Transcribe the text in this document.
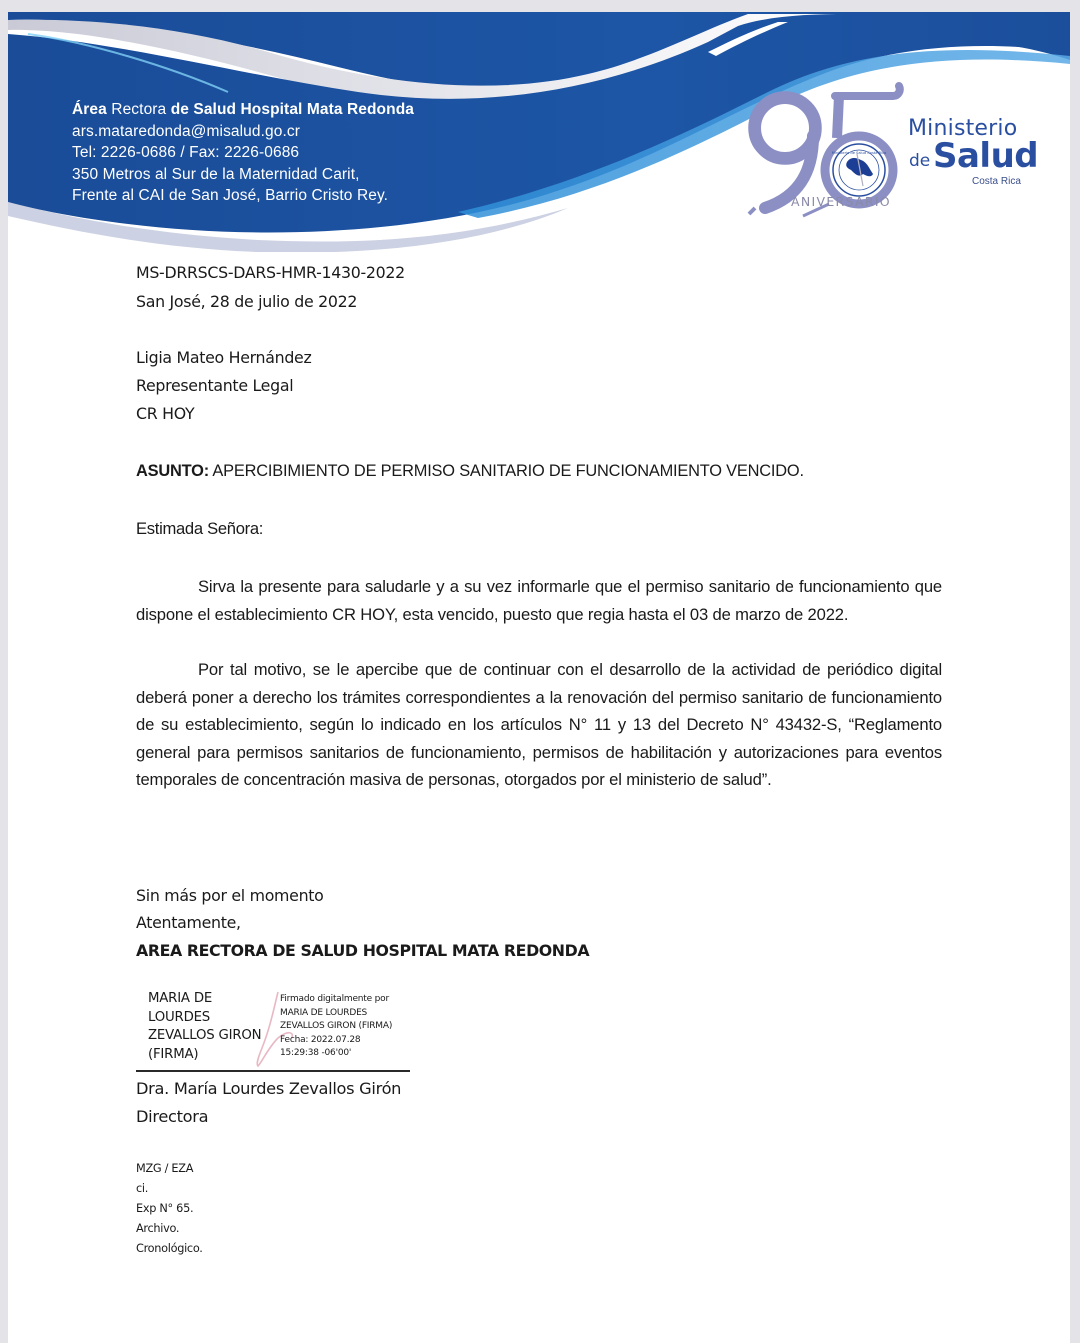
Área Rectora de Salud Hospital Mata Redonda
ars.mataredonda@misalud.go.cr
Tel: 2226-0686 / Fax: 2226-0686
350 Metros al Sur de la Maternidad Carit,
Frente al CAI de San José, Barrio Cristo Rey.
Ministerio de Salud Costa Rica
ANIVERSARIO
Ministerio
de Salud
Costa Rica
MS-DRRSCS-DARS-HMR-1430-2022
San José, 28 de julio de 2022
Ligia Mateo Hernández
Representante Legal
CR HOY
ASUNTO: APERCIBIMIENTO DE PERMISO SANITARIO DE FUNCIONAMIENTO VENCIDO.
Estimada Señora:
Sirva la presente para saludarle y a su vez informarle que el permiso sanitario de funcionamiento que dispone el establecimiento CR HOY, esta vencido, puesto que regia hasta el 03 de marzo de 2022.
Por tal motivo, se le apercibe que de continuar con el desarrollo de la actividad de periódico digital deberá poner a derecho los trámites correspondientes a la renovación del permiso sanitario de funcionamiento de su establecimiento, según lo indicado en los artículos N° 11 y 13 del Decreto N° 43432-S, “Reglamento general para permisos sanitarios de funcionamiento, permisos de habilitación y autorizaciones para eventos temporales de concentración masiva de personas, otorgados por el ministerio de salud”.
Sin más por el momento
Atentamente,
AREA RECTORA DE SALUD HOSPITAL MATA REDONDA
MARIA DE
LOURDES
ZEVALLOS GIRON
(FIRMA)
Firmado digitalmente por
MARIA DE LOURDES
ZEVALLOS GIRON (FIRMA)
Fecha: 2022.07.28
15:29:38 -06'00'
Dra. María Lourdes Zevallos Girón
Directora
MZG / EZA
ci.
Exp N° 65.
Archivo.
Cronológico.
